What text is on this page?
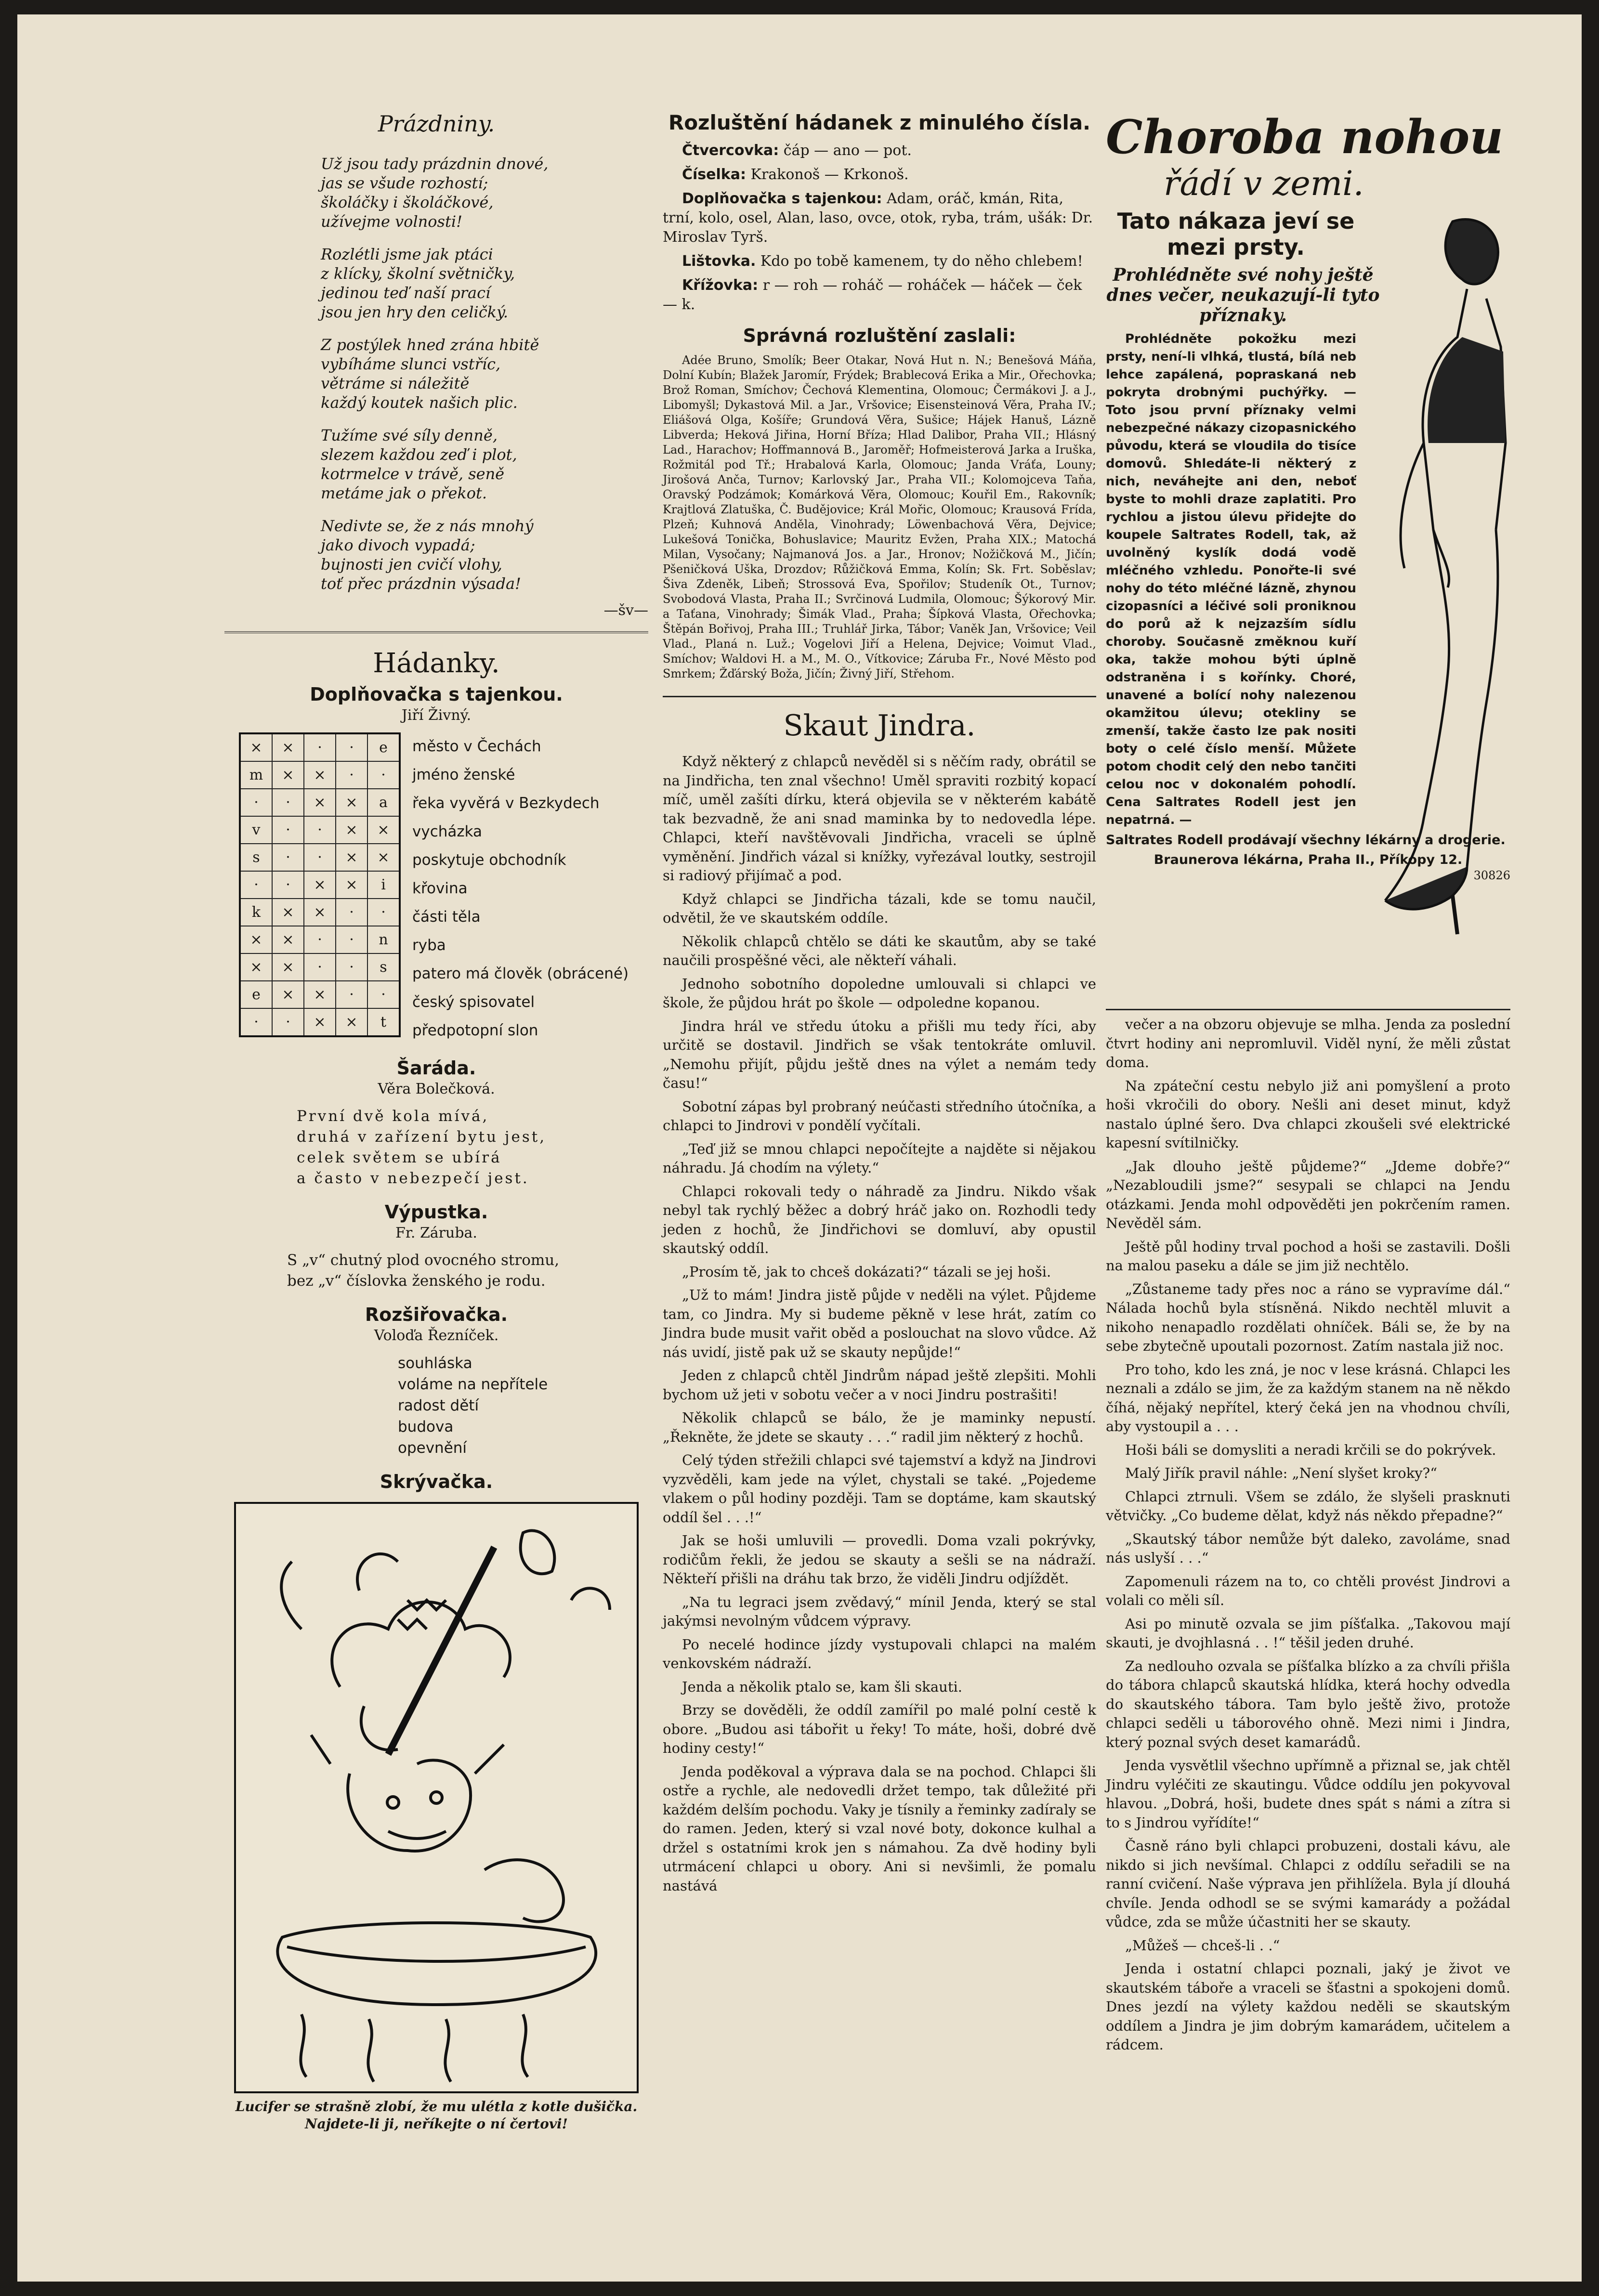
Prázdniny.

Už jsou tady prázdnin dnové,
jas se všude rozhostí;
školáčky i školáčkové,
užívejme volnosti!

Rozlétli jsme jak ptáci
z klícky, školní světničky,
jedinou teď naší prací
jsou jen hry den celičký.

Z postýlek hned zrána hbitě
vybíháme slunci vstříc,
větráme si náležitě
každý koutek našich plic.

Tužíme své síly denně,
slezem každou zeď i plot,
kotrmelce v trávě, seně
metáme jak o překot.

Nedivte se, že z nás mnohý
jako divoch vypadá;
bujnosti jen cvičí vlohy,
toť přec prázdnin výsada!

—šv—
Hádanky.
Doplňovačka s tajenkou.
Jiří Živný.
×	×	·	·	e
m	×	×	·	·
·	·	×	×	a
v	·	·	×	×
s	·	·	×	×
·	·	×	×	i
k	×	×	·	·
×	×	·	·	n
×	×	·	·	s
e	×	×	·	·
·	·	×	×	t
město v Čechách
jméno ženské
řeka vyvěrá v Bezkydech
vycházka
poskytuje obchodník
křovina
části těla
ryba
patero má člověk (obrácené)
český spisovatel
předpotopní slon
Šaráda.
Věra Bolečková.
První dvě kola mívá,
druhá v zařízení bytu jest,
celek světem se ubírá
a často v nebezpečí jest.
Výpustka.
Fr. Záruba.
S „v“ chutný plod ovocného stromu,
bez „v“ číslovka ženského je rodu.
Rozšiřovačka.
Voloďa Řezníček.
souhláska
voláme na nepřítele
radost dětí
budova
opevnění
Skrývačka.
Lucifer se strašně zlobí, že mu ulétla z kotle dušička. Najdete-li ji, neříkejte o ní čertovi!
Rozluštění hádanek z minulého čísla.

Čtvercovka: čáp — ano — pot.

Číselka: Krakonoš — Krkonoš.

Doplňovačka s tajenkou: Adam, oráč, kmán, Rita, trní, kolo, osel, Alan, laso, ovce, otok, ryba, trám, ušák: Dr. Miroslav Tyrš.

Lištovka. Kdo po tobě kamenem, ty do něho chlebem!

Křížovka: r — roh — roháč — roháček — háček — ček — k.

Správná rozluštění zaslali:
Adée Bruno, Smolík; Beer Otakar, Nová Hut n. N.; Benešová Máňa, Dolní Kubín; Blažek Jaromír, Frýdek; Brablecová Erika a Mir., Ořechovka; Brož Roman, Smíchov; Čechová Klementina, Olomouc; Čermákovi J. a J., Libomyšl; Dykastová Mil. a Jar., Vršovice; Eisensteinová Věra, Praha IV.; Eliášová Olga, Košíře; Grundová Věra, Sušice; Hájek Hanuš, Lázně Libverda; Heková Jiřina, Horní Bříza; Hlad Dalibor, Praha VII.; Hlásný Lad., Harachov; Hoffmannová B., Jaroměř; Hofmeisterová Jarka a Iruška, Rožmitál pod Tř.; Hrabalová Karla, Olomouc; Janda Vráťa, Louny; Jirošová Anča, Turnov; Karlovský Jar., Praha VII.; Kolomojceva Taňa, Oravský Podzámok; Komárková Věra, Olomouc; Kouřil Em., Rakovník; Krajtlová Zlatuška, Č. Budějovice; Král Mořic, Olomouc; Krausová Frída, Plzeň; Kuhnová Anděla, Vinohrady; Löwenbachová Věra, Dejvice; Lukešová Tonička, Bohuslavice; Mauritz Evžen, Praha XIX.; Matochá Milan, Vysočany; Najmanová Jos. a Jar., Hronov; Nožičková M., Jičín; Pšeničková Uška, Drozdov; Růžičková Emma, Kolín; Sk. Frt. Soběslav; Šiva Zdeněk, Libeň; Strossová Eva, Spořilov; Studeník Ot., Turnov; Svobodová Vlasta, Praha II.; Svrčinová Ludmila, Olomouc; Šýkorový Mir. a Taťana, Vinohrady; Šimák Vlad., Praha; Šípková Vlasta, Ořechovka; Štěpán Bořivoj, Praha III.; Truhlář Jirka, Tábor; Vaněk Jan, Vršovice; Veil Vlad., Planá n. Luž.; Vogelovi Jiří a Helena, Dejvice; Voimut Vlad., Smíchov; Waldovi H. a M., M. O., Vítkovice; Záruba Fr., Nové Město pod Smrkem; Žďárský Boža, Jičín; Živný Jiří, Střehom.
Skaut Jindra.

Když některý z chlapců nevěděl si s něčím rady, obrátil se na Jindřicha, ten znal všechno! Uměl spraviti rozbitý kopací míč, uměl zašíti dírku, která objevila se v některém kabátě tak bezvadně, že ani snad maminka by to nedovedla lépe. Chlapci, kteří navštěvovali Jindřicha, vraceli se úplně vyměnění. Jindřich vázal si knížky, vyřezával loutky, sestrojil si radiový přijímač a pod.

Když chlapci se Jindřicha tázali, kde se tomu naučil, odvětil, že ve skautském oddíle.

Několik chlapců chtělo se dáti ke skautům, aby se také naučili prospěšné věci, ale někteří váhali.

Jednoho sobotního dopoledne umlouvali si chlapci ve škole, že půjdou hrát po škole — odpoledne kopanou.

Jindra hrál ve středu útoku a přišli mu tedy říci, aby určitě se dostavil. Jindřich se však tentokráte omluvil. „Nemohu přijít, půjdu ještě dnes na výlet a nemám tedy času!“

Sobotní zápas byl probraný neúčasti středního útočníka, a chlapci to Jindrovi v pondělí vyčítali.

„Teď již se mnou chlapci nepočítejte a najděte si nějakou náhradu. Já chodím na výlety.“

Chlapci rokovali tedy o náhradě za Jindru. Nikdo však nebyl tak rychlý běžec a dobrý hráč jako on. Rozhodli tedy jeden z hochů, že Jindřichovi se domluví, aby opustil skautský oddíl.

„Prosím tě, jak to chceš dokázati?“ tázali se jej hoši.

„Už to mám! Jindra jistě půjde v neděli na výlet. Půjdeme tam, co Jindra. My si budeme pěkně v lese hrát, zatím co Jindra bude musit vařit oběd a poslouchat na slovo vůdce. Až nás uvidí, jistě pak už se skauty nepůjde!“

Jeden z chlapců chtěl Jindrům nápad ještě zlepšiti. Mohli bychom už jeti v sobotu večer a v noci Jindru postrašiti!

Několik chlapců se bálo, že je maminky nepustí. „Řekněte, že jdete se skauty . . .“ radil jim některý z hochů.

Celý týden střežili chlapci své tajemství a když na Jindrovi vyzvěděli, kam jede na výlet, chystali se také. „Pojedeme vlakem o půl hodiny později. Tam se doptáme, kam skautský oddíl šel . . .!“

Jak se hoši umluvili — provedli. Doma vzali pokrývky, rodičům řekli, že jedou se skauty a sešli se na nádraží. Někteří přišli na dráhu tak brzo, že viděli Jindru odjíždět.

„Na tu legraci jsem zvědavý,“ mínil Jenda, který se stal jakýmsi nevolným vůdcem výpravy.

Po necelé hodince jízdy vystupovali chlapci na malém venkovském nádraží.

Jenda a několik ptalo se, kam šli skauti.

Brzy se dověděli, že oddíl zamířil po malé polní cestě k obore. „Budou asi tábořit u řeky! To máte, hoši, dobré dvě hodiny cesty!“

Jenda poděkoval a výprava dala se na pochod. Chlapci šli ostře a rychle, ale nedovedli držet tempo, tak důležité při každém delším pochodu. Vaky je tísnily a řeminky zadíraly se do ramen. Jeden, který si vzal nové boty, dokonce kulhal a držel s ostatními krok jen s námahou. Za dvě hodiny byli utrmácení chlapci u obory. Ani si nevšimli, že pomalu nastává

Choroba nohou
řádí v zemi.
Tato nákaza jeví se mezi prsty.
Prohlédněte své nohy ještě dnes večer, neukazují-li tyto příznaky.

Prohlédněte pokožku mezi prsty, není-li vlhká, tlustá, bílá neb lehce zapálená, popraskaná neb pokryta drobnými puchýřky. — Toto jsou první příznaky velmi nebezpečné nákazy cizopasnického původu, která se vloudila do tisíce domovů. Shledáte-li některý z nich, neváhejte ani den, neboť byste to mohli draze zaplatiti. Pro rychlou a jistou úlevu přidejte do koupele Saltrates Rodell, tak, až uvolněný kyslík dodá vodě mléčného vzhledu. Ponořte-li své nohy do této mléčné lázně, zhynou cizopasníci a léčivé soli proniknou do porů až k nejzazším sídlu choroby. Současně změknou kuří oka, takže mohou býti úplně odstraněna i s kořínky. Choré, unavené a bolící nohy nalezenou okamžitou úlevu; otekliny se zmenší, takže často lze pak nositi boty o celé číslo menší. Můžete potom chodit celý den nebo tančiti celou noc v dokonalém pohodlí. Cena Saltrates Rodell jest jen nepatrná. —

Saltrates Rodell prodávají všechny lékárny a drogerie.
Braunerova lékárna, Praha II., Příkopy 12.
30826

večer a na obzoru objevuje se mlha. Jenda za poslední čtvrt hodiny ani nepromluvil. Viděl nyní, že měli zůstat doma.

Na zpáteční cestu nebylo již ani pomyšlení a proto hoši vkročili do obory. Nešli ani deset minut, když nastalo úplné šero. Dva chlapci zkoušeli své elektrické kapesní svítilničky.

„Jak dlouho ještě půjdeme?“ „Jdeme dobře?“ „Nezabloudili jsme?“ sesypali se chlapci na Jendu otázkami. Jenda mohl odpověděti jen pokrčením ramen. Nevěděl sám.

Ještě půl hodiny trval pochod a hoši se zastavili. Došli na malou paseku a dále se jim již nechtělo.

„Zůstaneme tady přes noc a ráno se vypravíme dál.“ Nálada hochů byla stísněná. Nikdo nechtěl mluvit a nikoho nenapadlo rozdělati ohníček. Báli se, že by na sebe zbytečně upoutali pozornost. Zatím nastala již noc.

Pro toho, kdo les zná, je noc v lese krásná. Chlapci les neznali a zdálo se jim, že za každým stanem na ně někdo číhá, nějaký nepřítel, který čeká jen na vhodnou chvíli, aby vystoupil a . . .

Hoši báli se domysliti a neradi krčili se do pokrývek.

Malý Jiřík pravil náhle: „Není slyšet kroky?“

Chlapci ztrnuli. Všem se zdálo, že slyšeli prasknuti větvičky. „Co budeme dělat, když nás někdo přepadne?“

„Skautský tábor nemůže být daleko, zavoláme, snad nás uslyší . . .“

Zapomenuli rázem na to, co chtěli provést Jindrovi a volali co měli síl.

Asi po minutě ozvala se jim píšťalka. „Takovou mají skauti, je dvojhlasná . . !“ těšil jeden druhé.

Za nedlouho ozvala se píšťalka blízko a za chvíli přišla do tábora chlapců skautská hlídka, která hochy odvedla do skautského tábora. Tam bylo ještě živo, protože chlapci seděli u táborového ohně. Mezi nimi i Jindra, který poznal svých deset kamarádů.

Jenda vysvětlil všechno upřímně a přiznal se, jak chtěl Jindru vyléčiti ze skautingu. Vůdce oddílu jen pokyvoval hlavou. „Dobrá, hoši, budete dnes spát s námi a zítra si to s Jindrou vyřídíte!“

Časně ráno byli chlapci probuzeni, dostali kávu, ale nikdo si jich nevšímal. Chlapci z oddílu seřadili se na ranní cvičení. Naše výprava jen přihlížela. Byla jí dlouhá chvíle. Jenda odhodl se se svými kamarády a požádal vůdce, zda se může účastniti her se skauty.

„Můžeš — chceš-li . .“

Jenda i ostatní chlapci poznali, jaký je život ve skautském táboře a vraceli se šťastni a spokojeni domů. Dnes jezdí na výlety každou neděli se skautským oddílem a Jindra je jim dobrým kamarádem, učitelem a rádcem.
